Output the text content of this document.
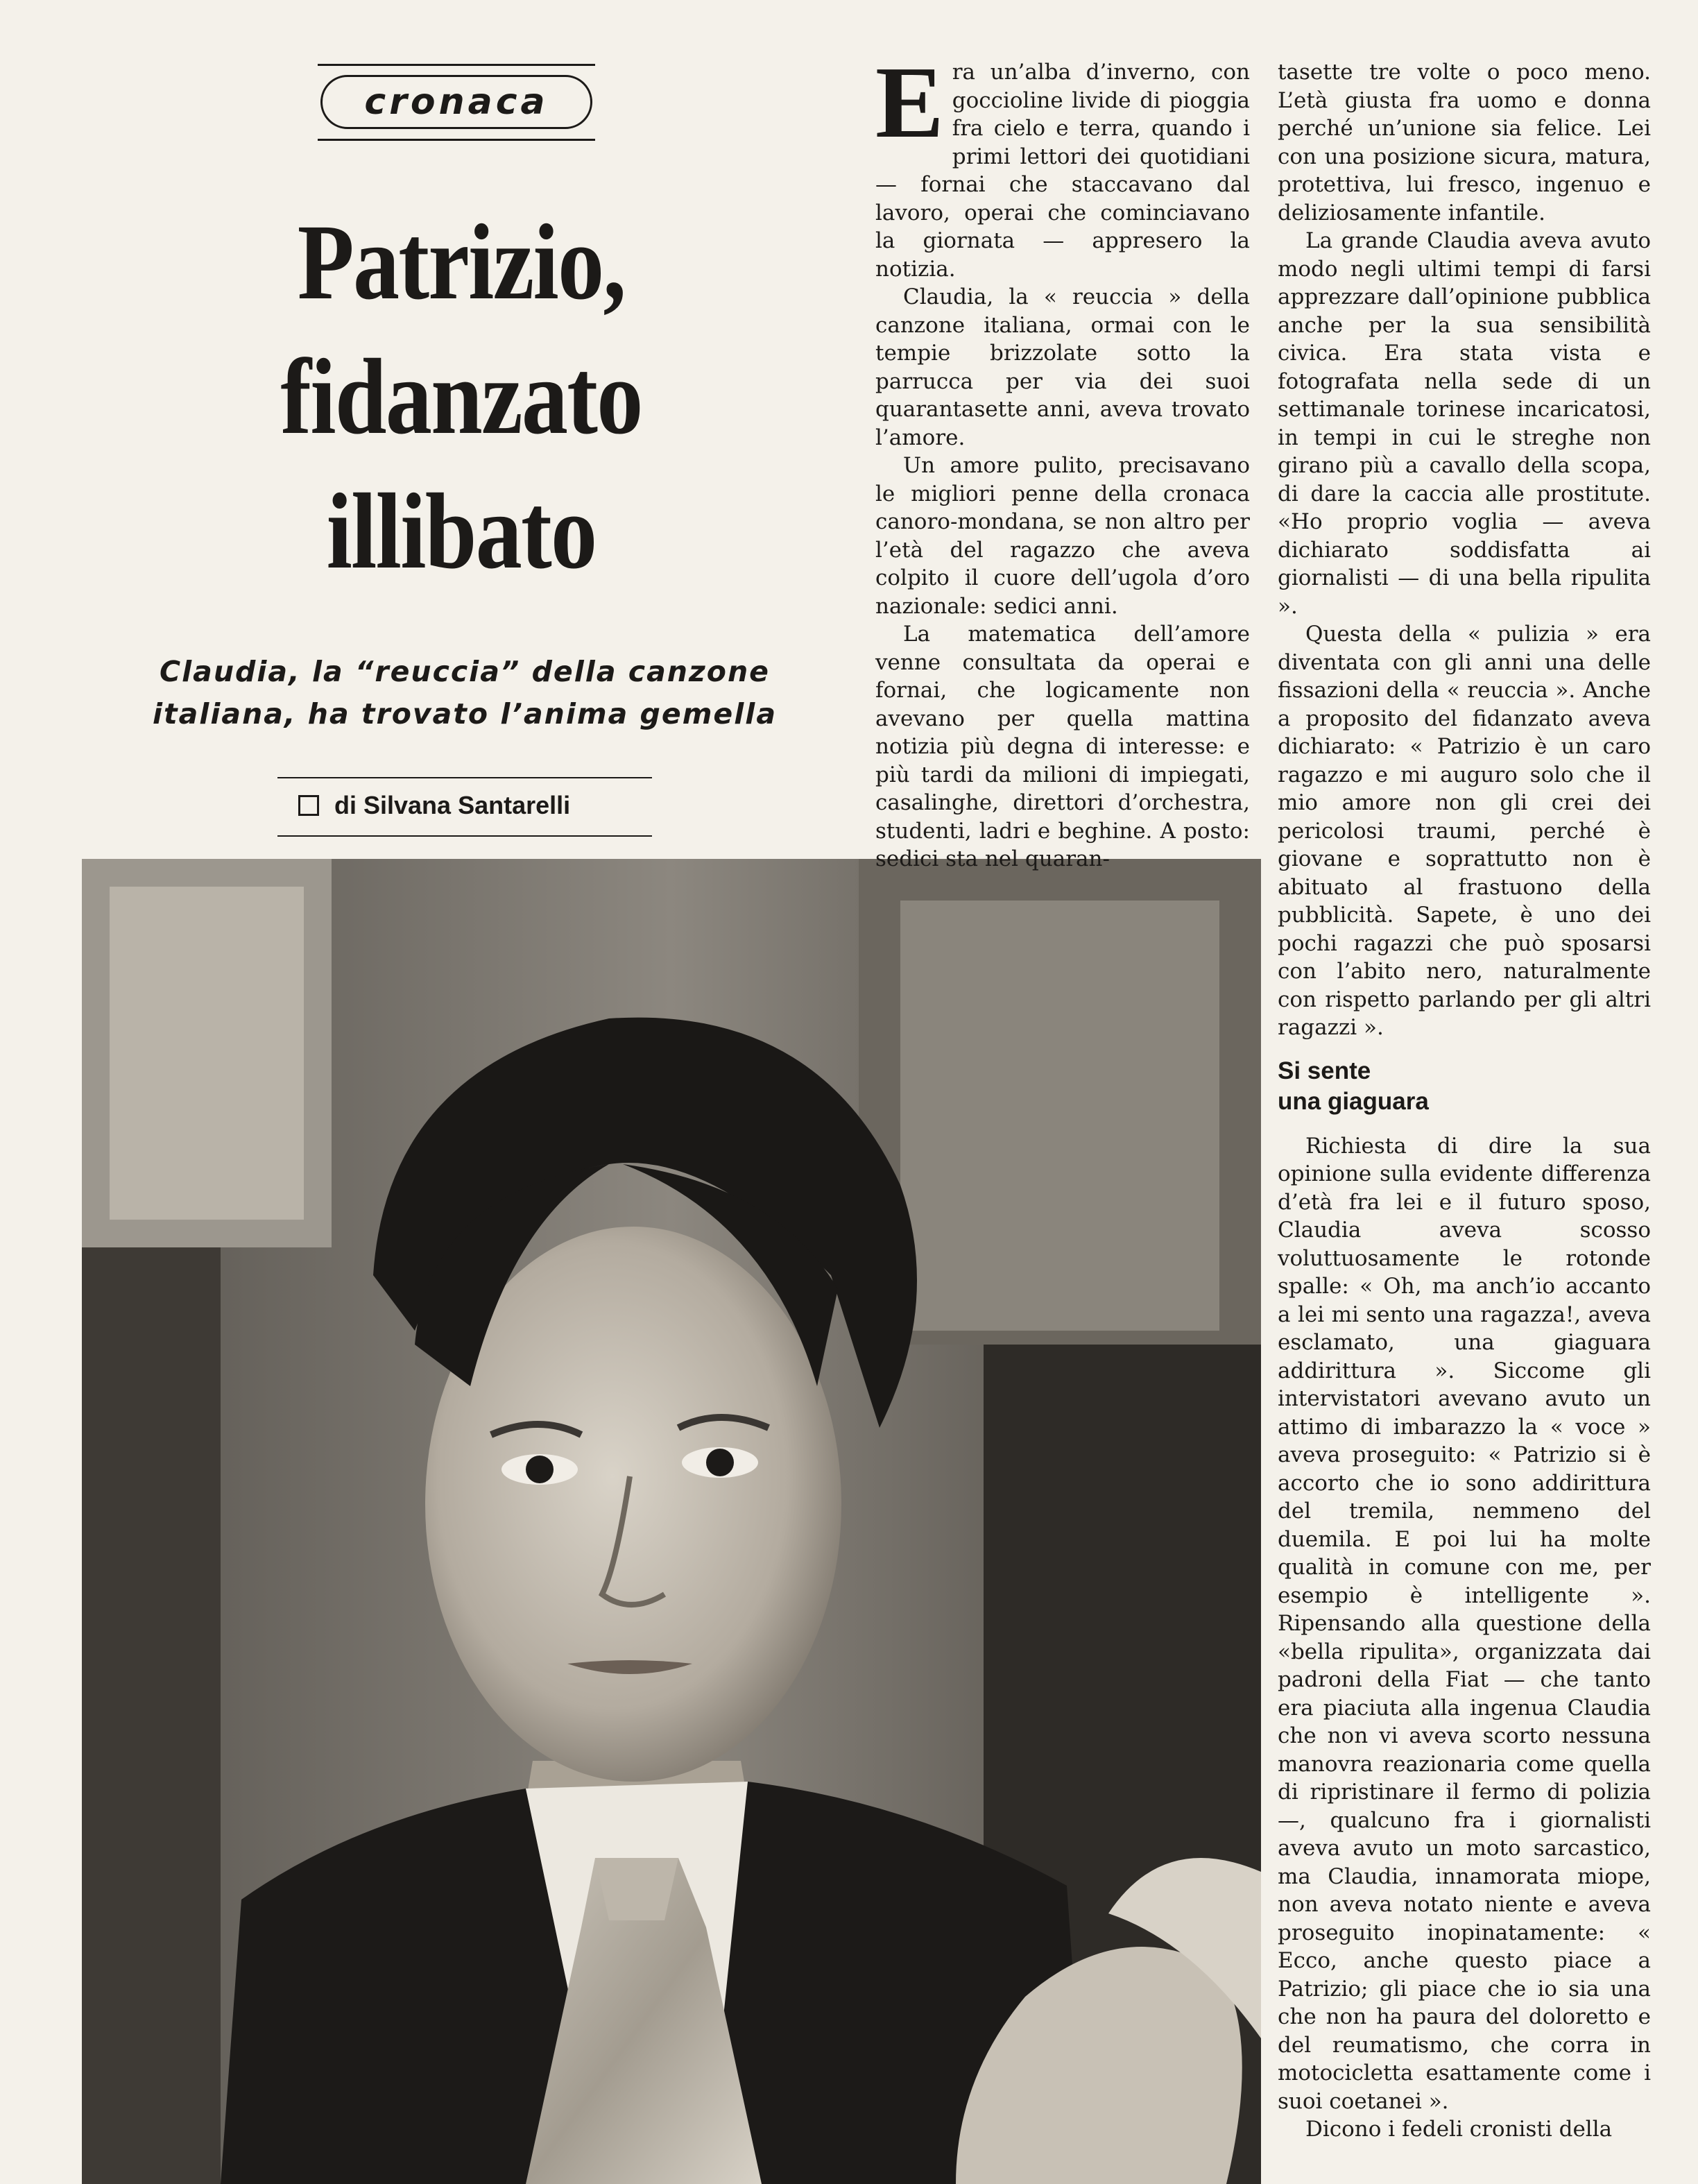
cronaca
Patrizio,
fidanzato
illibato
Claudia, la “reuccia” della canzone
italiana, ha trovato l’anima gemella
di Silvana Santarelli

Era un’alba d’inverno, con goccioline livide di pioggia fra cielo e terra, quando i primi lettori dei quotidiani — fornai che staccavano dal lavoro, operai che cominciavano la giornata — appresero la notizia.

Claudia, la « reuccia » della canzone italiana, ormai con le tempie brizzolate sotto la parrucca per via dei suoi quarantasette anni, aveva trovato l’amore.

Un amore pulito, precisavano le migliori penne della cronaca canoro-mondana, se non altro per l’età del ragazzo che aveva colpito il cuore dell’ugola d’oro nazionale: sedici anni.

La matematica dell’amore venne consultata da operai e fornai, che logicamente non avevano per quella mattina notizia più degna di interesse: e più tardi da milioni di impiegati, casalinghe, direttori d’orchestra, studenti, ladri e beghine. A posto: sedici sta nel quaran-

tasette tre volte o poco meno. L’età giusta fra uomo e donna perché un’unione sia felice. Lei con una posizione sicura, matura, protettiva, lui fresco, ingenuo e deliziosamente infantile.

La grande Claudia aveva avuto modo negli ultimi tempi di farsi apprezzare dall’opinione pubblica anche per la sua sensibilità civica. Era stata vista e fotografata nella sede di un settimanale torinese incaricatosi, in tempi in cui le streghe non girano più a cavallo della scopa, di dare la caccia alle prostitute. «Ho proprio voglia — aveva dichiarato soddisfatta ai giornalisti — di una bella ripulita ».

Questa della « pulizia » era diventata con gli anni una delle fissazioni della « reuccia ». Anche a proposito del fidanzato aveva dichiarato: « Patrizio è un caro ragazzo e mi auguro solo che il mio amore non gli crei dei pericolosi traumi, perché è giovane e soprattutto non è abituato al frastuono della pubblicità. Sapete, è uno dei pochi ragazzi che può sposarsi con l’abito nero, naturalmente con rispetto parlando per gli altri ragazzi ».

Si sente
una giaguara

Richiesta di dire la sua opinione sulla evidente differenza d’età fra lei e il futuro sposo, Claudia aveva scosso voluttuosamente le rotonde spalle: « Oh, ma anch’io accanto a lei mi sento una ragazza!, aveva esclamato, una giaguara addirittura ». Siccome gli intervistatori avevano avuto un attimo di imbarazzo la « voce » aveva proseguito: « Patrizio si è accorto che io sono addirittura del tremila, nemmeno del duemila. E poi lui ha molte qualità in comune con me, per esempio è intelligente ». Ripensando alla questione della «bella ripulita», organizzata dai padroni della Fiat — che tanto era piaciuta alla ingenua Claudia che non vi aveva scorto nessuna manovra reazionaria come quella di ripristinare il fermo di polizia —, qualcuno fra i giornalisti aveva avuto un moto sarcastico, ma Claudia, innamorata miope, non aveva notato niente e aveva proseguito inopinatamente: « Ecco, anche questo piace a Patrizio; gli piace che io sia una che non ha paura del doloretto e del reumatismo, che corra in motocicletta esattamente come i suoi coetanei ».

Dicono i fedeli cronisti della
